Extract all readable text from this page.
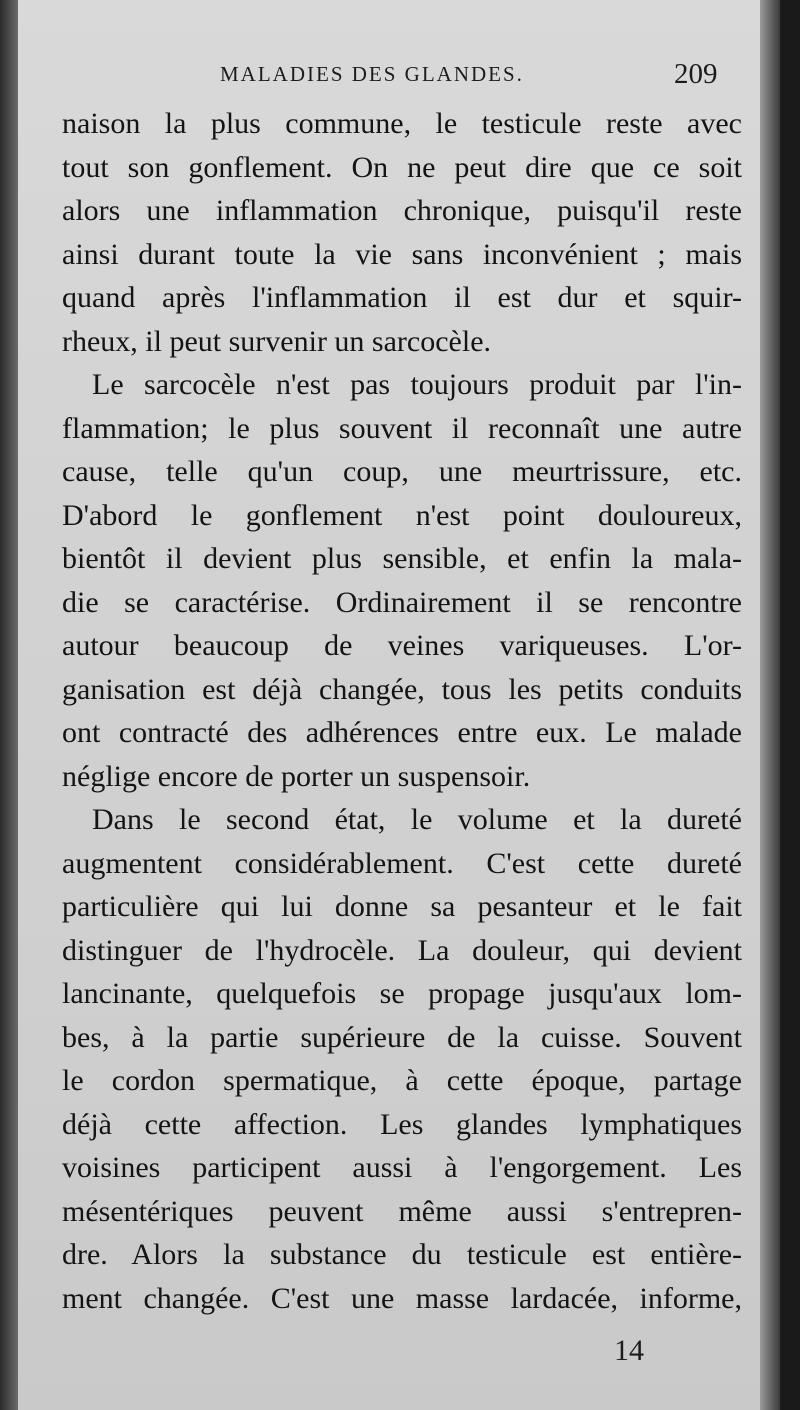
MALADIES DES GLANDES.	209
naison la plus commune, le testicule reste avec
tout son gonflement. On ne peut dire que ce soit
alors une inflammation chronique, puisqu'il reste
ainsi durant toute la vie sans inconvénient ; mais
quand après l'inflammation il est dur et squir-
rheux, il peut survenir un sarcocèle.
Le sarcocèle n'est pas toujours produit par l'in-
flammation; le plus souvent il reconnaît une autre
cause, telle qu'un coup, une meurtrissure, etc.
D'abord le gonflement n'est point douloureux,
bientôt il devient plus sensible, et enfin la mala-
die se caractérise. Ordinairement il se rencontre
autour beaucoup de veines variqueuses. L'or-
ganisation est déjà changée, tous les petits conduits
ont contracté des adhérences entre eux. Le malade
néglige encore de porter un suspensoir.
Dans le second état, le volume et la dureté
augmentent considérablement. C'est cette dureté
particulière qui lui donne sa pesanteur et le fait
distinguer de l'hydrocèle. La douleur, qui devient
lancinante, quelquefois se propage jusqu'aux lom-
bes, à la partie supérieure de la cuisse. Souvent
le cordon spermatique, à cette époque, partage
déjà cette affection. Les glandes lymphatiques
voisines participent aussi à l'engorgement. Les
mésentériques peuvent même aussi s'entrepren-
dre. Alors la substance du testicule est entière-
ment changée. C'est une masse lardacée, informe,
14
